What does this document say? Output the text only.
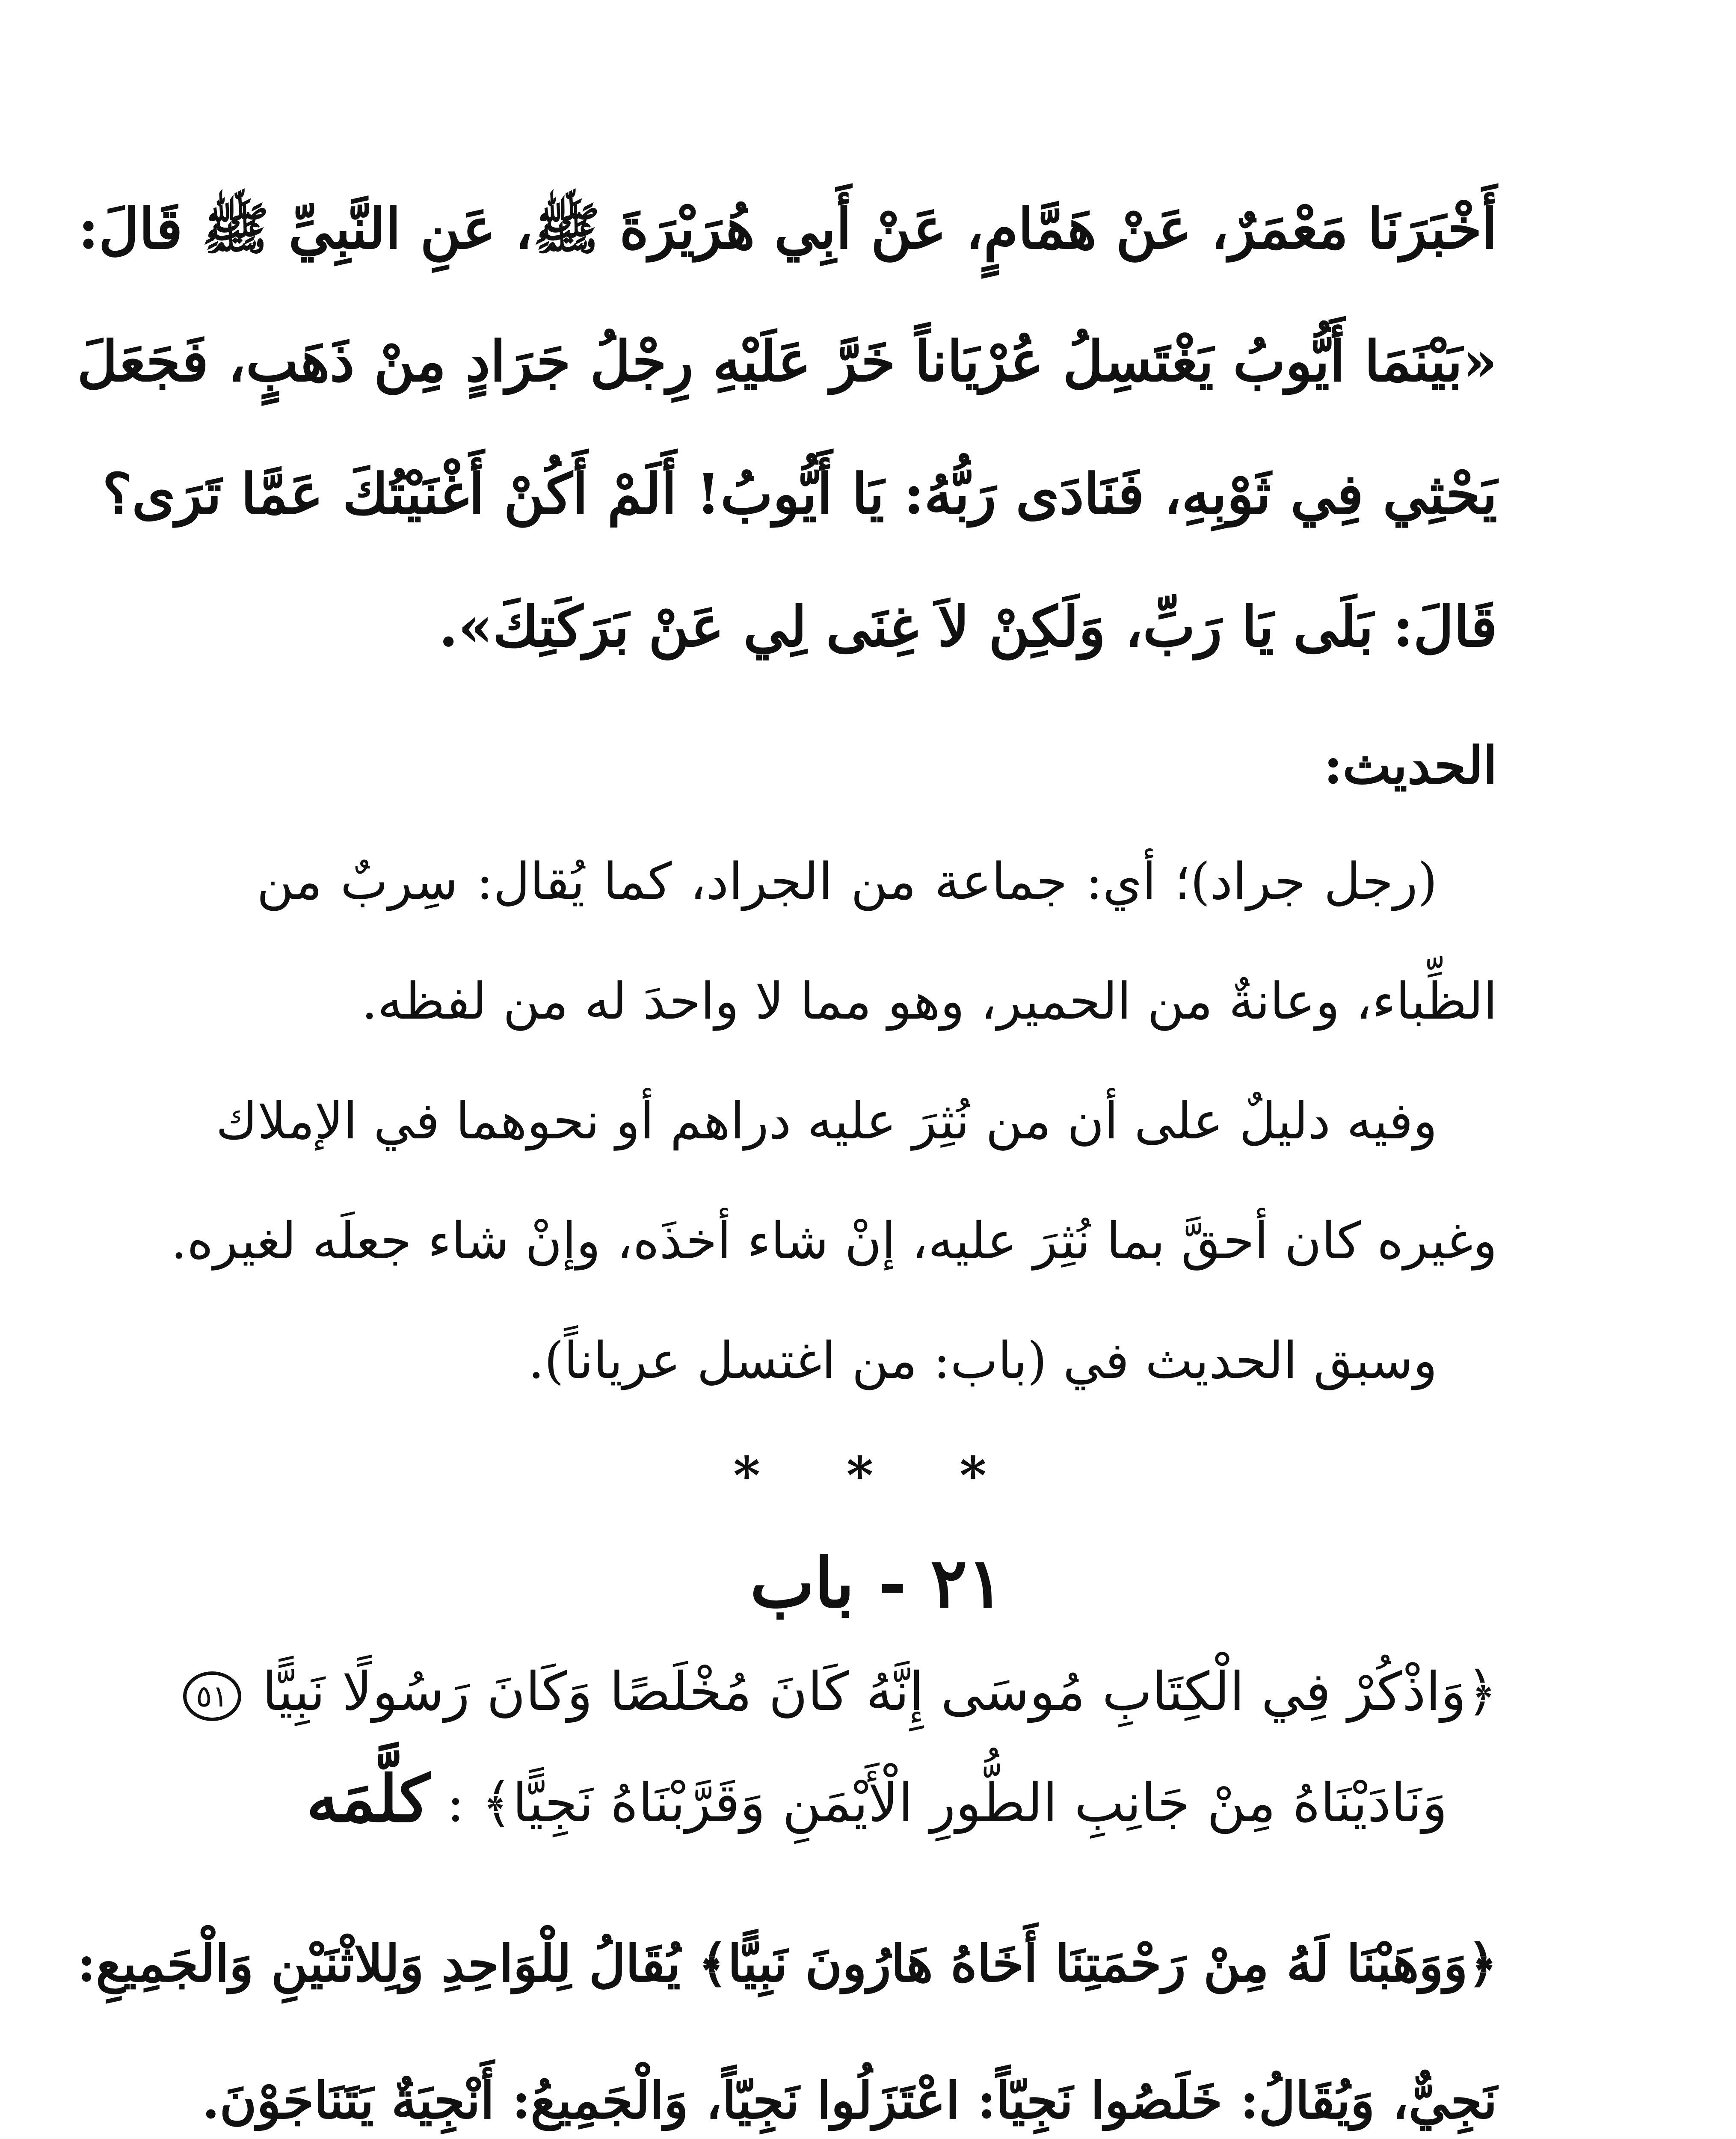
أَخْبَرَنَا مَعْمَرٌ، عَنْ هَمَّامٍ، عَنْ أَبِي هُرَيْرَةَ ﷺ، عَنِ النَّبِيِّ ﷺ قَالَ:
«بَيْنَمَا أَيُّوبُ يَغْتَسِلُ عُرْيَاناً خَرَّ عَلَيْهِ رِجْلُ جَرَادٍ مِنْ ذَهَبٍ، فَجَعَلَ
يَحْثِي فِي ثَوْبِهِ، فَنَادَى رَبُّهُ: يَا أَيُّوبُ! أَلَمْ أَكُنْ أَغْنَيْتُكَ عَمَّا تَرَى؟
قَالَ: بَلَى يَا رَبِّ، وَلَكِنْ لاَ غِنَى لِي عَنْ بَرَكَتِكَ».
الحديث:
(رجل جراد)؛ أي: جماعة من الجراد، كما يُقال: سِربٌ من
الظِّباء، وعانةٌ من الحمير، وهو مما لا واحدَ له من لفظه.
وفيه دليلٌ على أن من نُثِرَ عليه دراهم أو نحوهما في الإملاك
وغيره كان أحقَّ بما نُثِرَ عليه، إنْ شاء أخذَه، وإنْ شاء جعلَه لغيره.
وسبق الحديث في (باب: من اغتسل عرياناً).
* * *
٢١ - باب
﴿وَاذْكُرْ فِي الْكِتَابِ مُوسَى إِنَّهُ كَانَ مُخْلَصًا وَكَانَ رَسُولًا نَبِيًّا ٥١
وَنَادَيْنَاهُ مِنْ جَانِبِ الطُّورِ الْأَيْمَنِ وَقَرَّبْنَاهُ نَجِيًّا﴾ : كلَّمَه
﴿وَوَهَبْنَا لَهُ مِنْ رَحْمَتِنَا أَخَاهُ هَارُونَ نَبِيًّا﴾ يُقَالُ لِلْوَاحِدِ وَلِلاثْنَيْنِ وَالْجَمِيعِ:
نَجِيٌّ، وَيُقَالُ: خَلَصُوا نَجِيّاً: اعْتَزَلُوا نَجِيّاً، وَالْجَمِيعُ: أَنْجِيَةٌ يَتَنَاجَوْنَ.
